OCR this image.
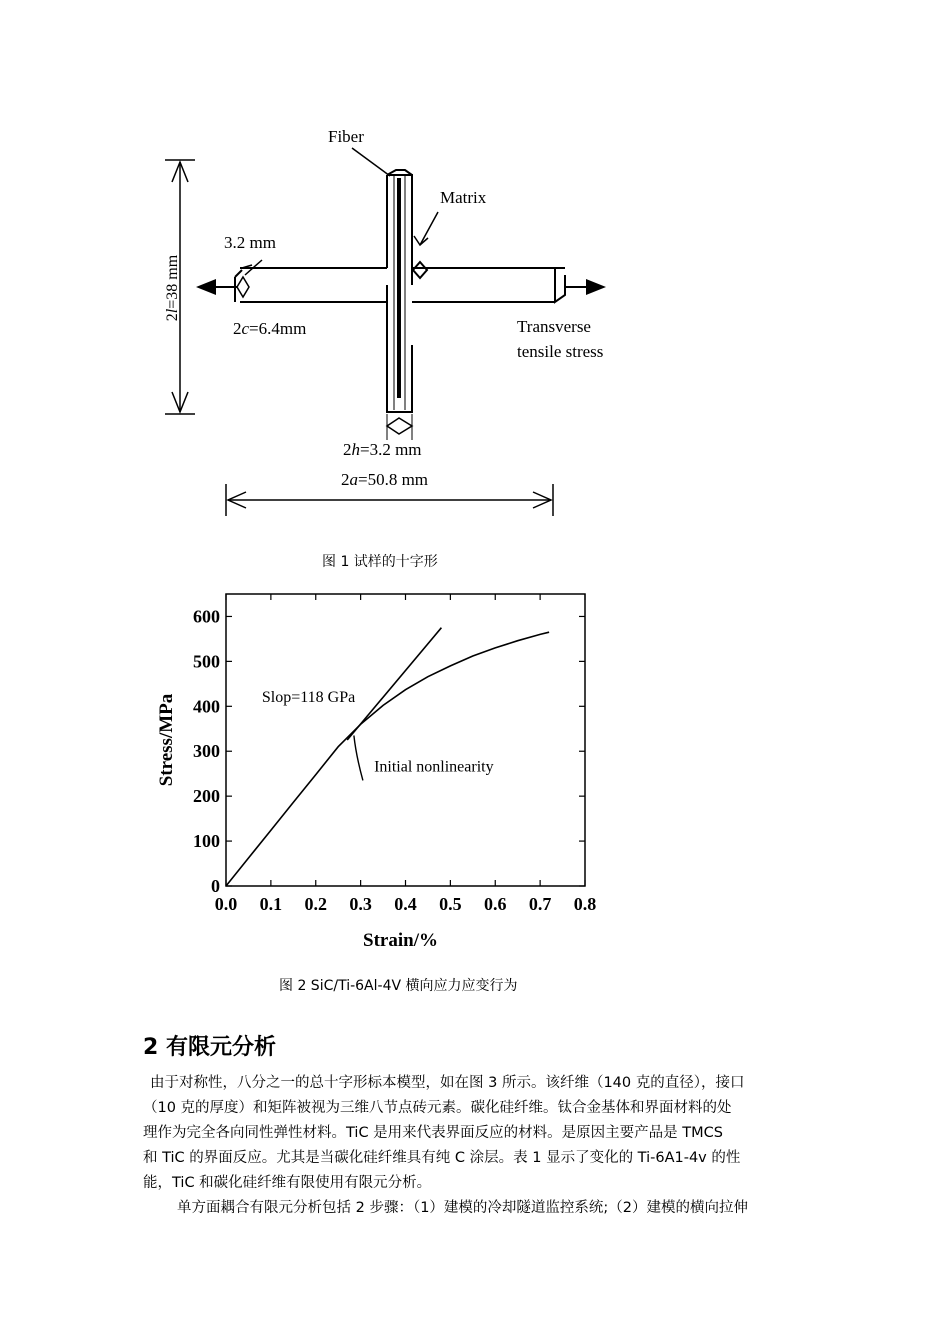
2l=38 mm
Fiber
Matrix
3.2 mm
2c=6.4mm	Transverse
tensile stress
2h=3.2 mm
2a=50.8 mm
图 1 试样的十字形
Strain/%
Stress/MPa
0.0 0.1 0.2 0.3 0.4 0.5 0.6 0.7 0.8
0
100
200
300
400
500
600
Slop=118 GPa
Initial nonlinearity
图 2 SiC/Ti-6Al-4V 横向应力应变行为
2 有限元分析

由于对称性，八分之一的总十字形标本模型，如在图 3 所示。该纤维（140 克的直径），接口

（10 克的厚度）和矩阵被视为三维八节点砖元素。碳化硅纤维。钛合金基体和界面材料的处

理作为完全各向同性弹性材料。TiC 是用来代表界面反应的材料。是原因主要产品是 TMCS

和 TiC 的界面反应。尤其是当碳化硅纤维具有纯 C 涂层。表 1 显示了变化的 Ti-6A1-4v 的性

能，TiC 和碳化硅纤维有限使用有限元分析。

单方面耦合有限元分析包括 2 步骤：（1）建模的冷却隧道监控系统;（2）建模的横向拉伸
